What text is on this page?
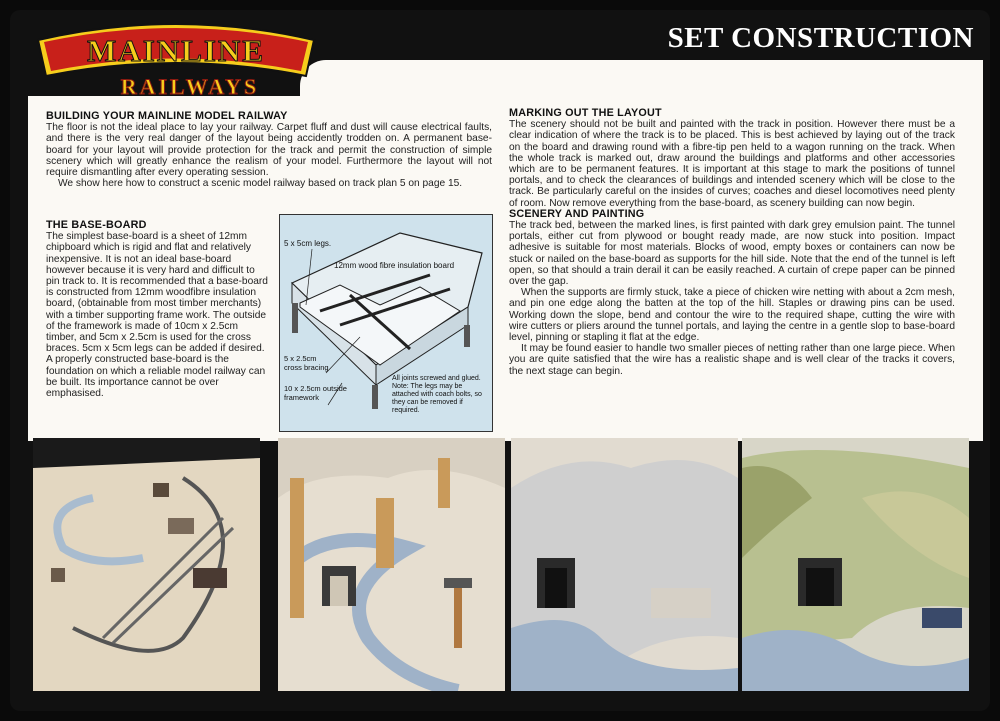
MAINLINE
RAILWAYS
SET CONSTRUCTION
BUILDING YOUR MAINLINE MODEL RAILWAY

The floor is not the ideal place to lay your railway. Carpet fluff and dust will cause electrical faults, and there is the very real danger of the layout being accidently trodden on. A permanent base-board for your layout will provide protection for the track and permit the construction of simple scenery which will greatly enhance the realism of your model. Furthermore the layout will not require dismantling after every operating session.

We show here how to construct a scenic model railway based on track plan 5 on page 15.

THE BASE-BOARD

The simplest base-board is a sheet of 12mm chipboard which is rigid and flat and relatively inexpensive. It is not an ideal base-board however because it is very hard and difficult to pin track to. It is recommended that a base-board is constructed from 12mm woodfibre insulation board, (obtainable from most timber merchants) with a timber supporting frame work. The outside of the framework is made of 10cm x 2.5cm timber, and 5cm x 2.5cm is used for the cross braces. 5cm x 5cm legs can be added if desired. A properly constructed base-board is the foundation on which a reliable model railway can be built. Its importance cannot be over emphasised.

5 x 5cm legs.
12mm wood fibre insulation board
5 x 2.5cm cross bracing
10 x 2.5cm outside framework
All joints screwed and glued. Note: The legs may be attached with coach bolts, so they can be removed if required.
MARKING OUT THE LAYOUT

The scenery should not be built and painted with the track in position. However there must be a clear indication of where the track is to be placed. This is best achieved by laying out of the track on the board and drawing round with a fibre-tip pen held to a wagon running on the track. When the whole track is marked out, draw around the buildings and platforms and other accessories which are to be permanent features. It is important at this stage to mark the positions of tunnel portals, and to check the clearances of buildings and intended scenery which will be close to the track. Be particularly careful on the insides of curves; coaches and diesel locomotives need plenty of room. Now remove everything from the base-board, as scenery building can now begin.

SCENERY AND PAINTING

The track bed, between the marked lines, is first painted with dark grey emulsion paint. The tunnel portals, either cut from plywood or bought ready made, are now stuck into position. Impact adhesive is suitable for most materials. Blocks of wood, empty boxes or containers can now be stuck or nailed on the base-board as supports for the hill side. Note that the end of the tunnel is left open, so that should a train derail it can be easily reached. A curtain of crepe paper can be pinned over the gap.

When the supports are firmly stuck, take a piece of chicken wire netting with about a 2cm mesh, and pin one edge along the batten at the top of the hill. Staples or drawing pins can be used. Working down the slope, bend and contour the wire to the required shape, cutting the wire with wire cutters or pliers around the tunnel portals, and laying the centre in a gentle slop to base-board level, pinning or stapling it flat at the edge.

It may be found easier to handle two smaller pieces of netting rather than one large piece. When you are quite satisfied that the wire has a realistic shape and is well clear of the tracks it covers, the next stage can begin.
